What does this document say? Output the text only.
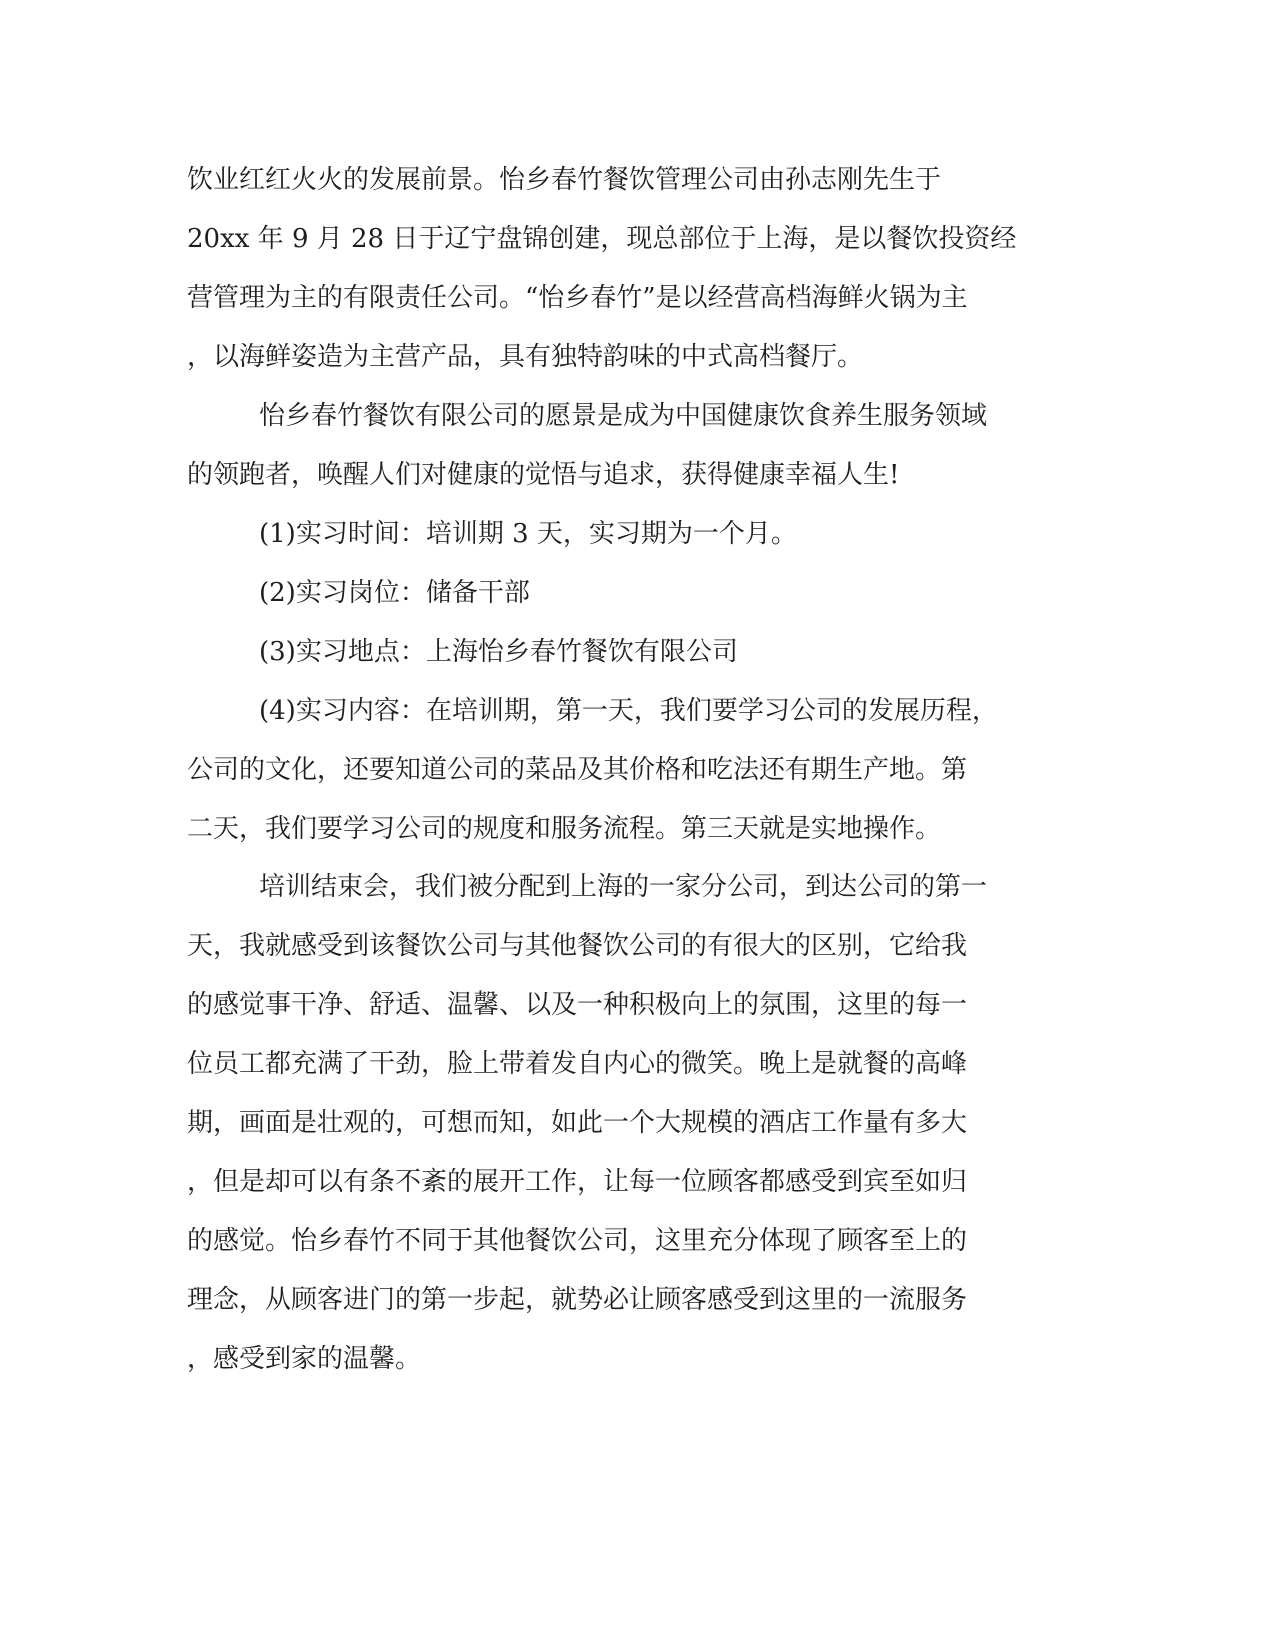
饮业红红火火的发展前景。怡乡春竹餐饮管理公司由孙志刚先生于
20xx 年 9 月 28 日于辽宁盘锦创建，现总部位于上海，是以餐饮投资经
营管理为主的有限责任公司。“怡乡春竹”是以经营高档海鲜火锅为主
，以海鲜姿造为主营产品，具有独特韵味的中式高档餐厅。
怡乡春竹餐饮有限公司的愿景是成为中国健康饮食养生服务领域
的领跑者，唤醒人们对健康的觉悟与追求，获得健康幸福人生!
(1)实习时间：培训期 3 天，实习期为一个月。
(2)实习岗位：储备干部
(3)实习地点：上海怡乡春竹餐饮有限公司
(4)实习内容：在培训期，第一天，我们要学习公司的发展历程，
公司的文化，还要知道公司的菜品及其价格和吃法还有期生产地。第
二天，我们要学习公司的规度和服务流程。第三天就是实地操作。
培训结束会，我们被分配到上海的一家分公司，到达公司的第一
天，我就感受到该餐饮公司与其他餐饮公司的有很大的区别，它给我
的感觉事干净、舒适、温馨、以及一种积极向上的氛围，这里的每一
位员工都充满了干劲，脸上带着发自内心的微笑。晚上是就餐的高峰
期，画面是壮观的，可想而知，如此一个大规模的酒店工作量有多大
，但是却可以有条不紊的展开工作，让每一位顾客都感受到宾至如归
的感觉。怡乡春竹不同于其他餐饮公司，这里充分体现了顾客至上的
理念，从顾客进门的第一步起，就势必让顾客感受到这里的一流服务
，感受到家的温馨。
